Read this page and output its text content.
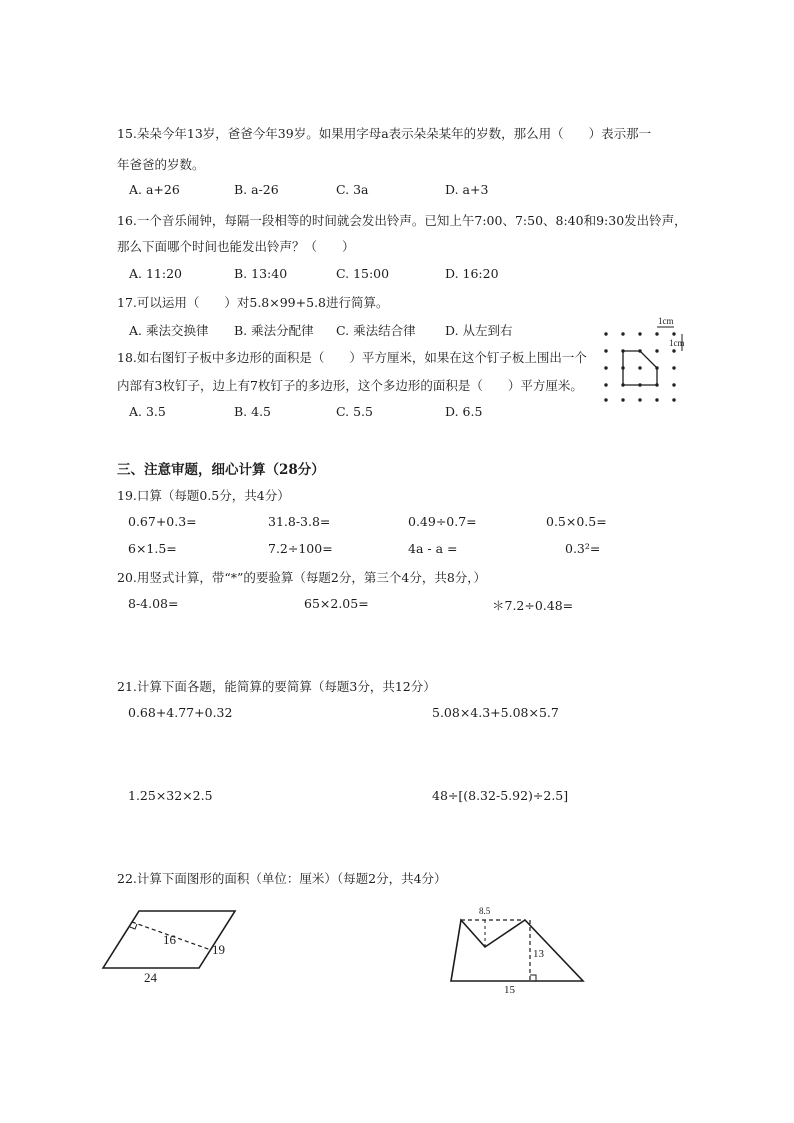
15.朵朵今年13岁，爸爸今年39岁。如果用字母a表示朵朵某年的岁数，那么用（　　）表示那一
年爸爸的岁数。
A. a+26	B. a-26	C. 3a	D. a+3
16.一个音乐闹钟，每隔一段相等的时间就会发出铃声。已知上午7:00、7:50、8:40和9:30发出铃声，
那么下面哪个时间也能发出铃声？（　　）
A. 11:20	B. 13:40	C. 15:00	D. 16:20
17.可以运用（　　）对5.8×99+5.8进行简算。
A. 乘法交换律 B. 乘法分配律 C. 乘法结合律 D. 从左到右
18.如右图钉子板中多边形的面积是（　　）平方厘米，如果在这个钉子板上围出一个
内部有3枚钉子，边上有7枚钉子的多边形，这个多边形的面积是（　　）平方厘米。
A. 3.5	B. 4.5	C. 5.5	D. 6.5
1cm
1cm
三、注意审题，细心计算（28分）
19.口算（每题0.5分，共4分）
0.67+0.3=	31.8-3.8=	0.49÷0.7=	0.5×0.5=
6×1.5=	7.2÷100=	4a - a =	0.3²=
20.用竖式计算，带“*”的要验算（每题2分，第三个4分，共8分，）
8-4.08=	65×2.05=	＊7.2÷0.48=
21.计算下面各题，能简算的要简算（每题3分，共12分）
0.68+4.77+0.32	5.08×4.3+5.08×5.7
1.25×32×2.5	48÷[(8.32-5.92)÷2.5]
22.计算下面图形的面积（单位：厘米）（每题2分，共4分）
16
19
24
8.5
13
15
